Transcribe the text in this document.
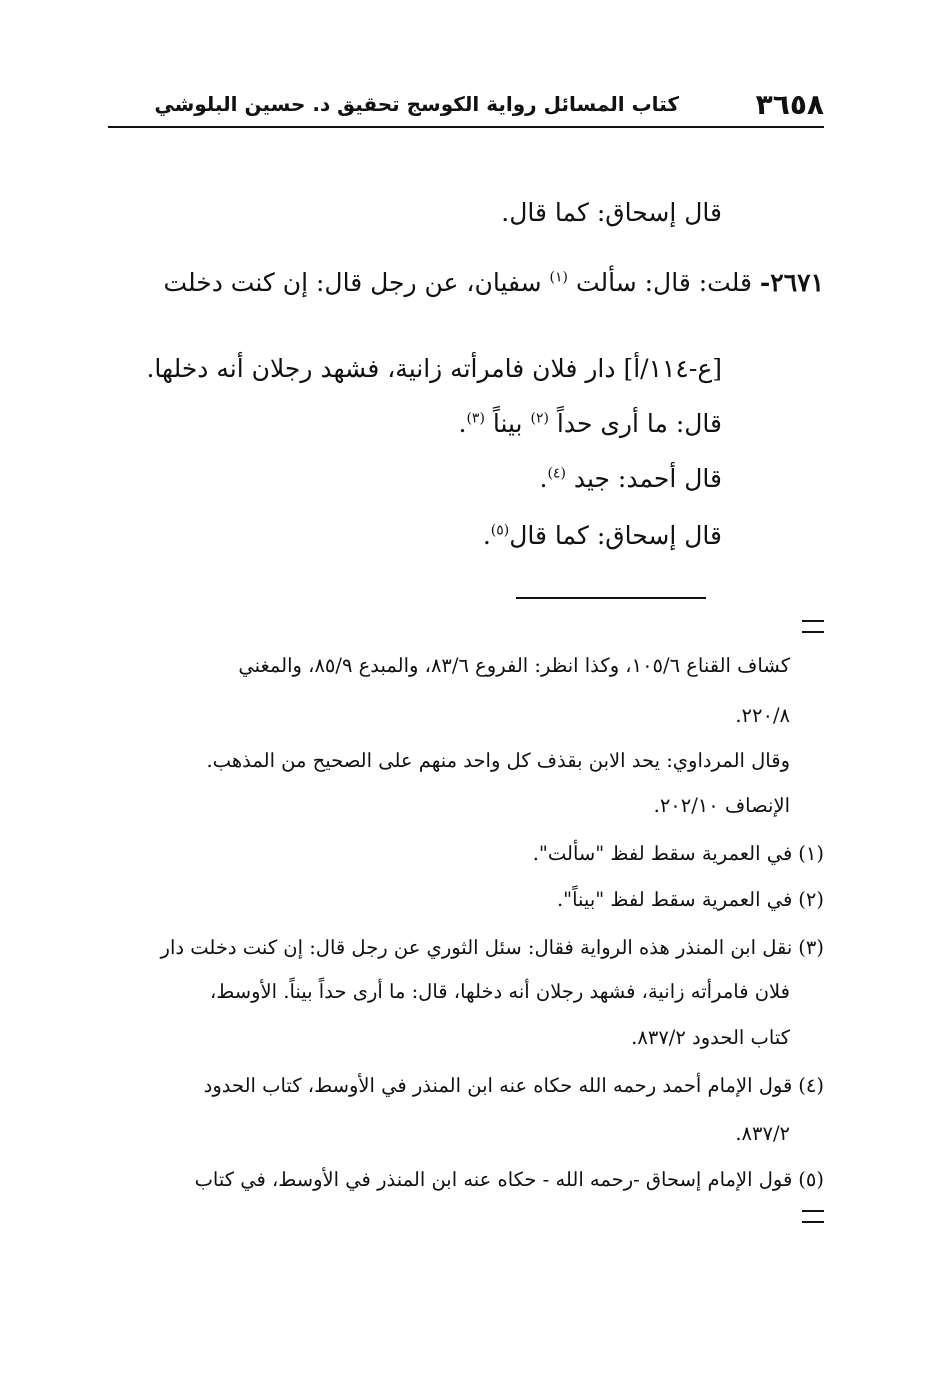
٣٦٥٨
كتاب المسائل رواية الكوسج تحقيق د. حسين البلوشي

قال إسحاق: كما قال.

٢٦٧١- قلت: قال: سألت $^{(١)}$ سفيان، عن رجل قال: إن كنت دخلت

[ع-١١٤/أ] دار فلان فامرأته زانية، فشهد رجلان أنه دخلها.

قال: ما أرى حداً $^{(٢)}$ بيناً $^{(٣)}$.

قال أحمد: جيد $^{(٤)}$.

قال إسحاق: كما قال$^{(٥)}$.

كشاف القناع ١٠٥/٦، وكذا انظر: الفروع ٨٣/٦، والمبدع ٨٥/٩، والمغني
٢٢٠/٨.
وقال المرداوي: يحد الابن بقذف كل واحد منهم على الصحيح من المذهب.
الإنصاف ٢٠٢/١٠.
(١)في العمرية سقط لفظ "سألت".
(٢)في العمرية سقط لفظ "بيناً".
(٣)نقل ابن المنذر هذه الرواية فقال: سئل الثوري عن رجل قال: إن كنت دخلت دار
فلان فامرأته زانية، فشهد رجلان أنه دخلها، قال: ما أرى حداً بيناً. الأوسط،
كتاب الحدود ٨٣٧/٢.
(٤)قول الإمام أحمد رحمه الله حكاه عنه ابن المنذر في الأوسط، كتاب الحدود
٨٣٧/٢.
(٥)قول الإمام إسحاق -رحمه الله - حكاه عنه ابن المنذر في الأوسط، في كتاب
